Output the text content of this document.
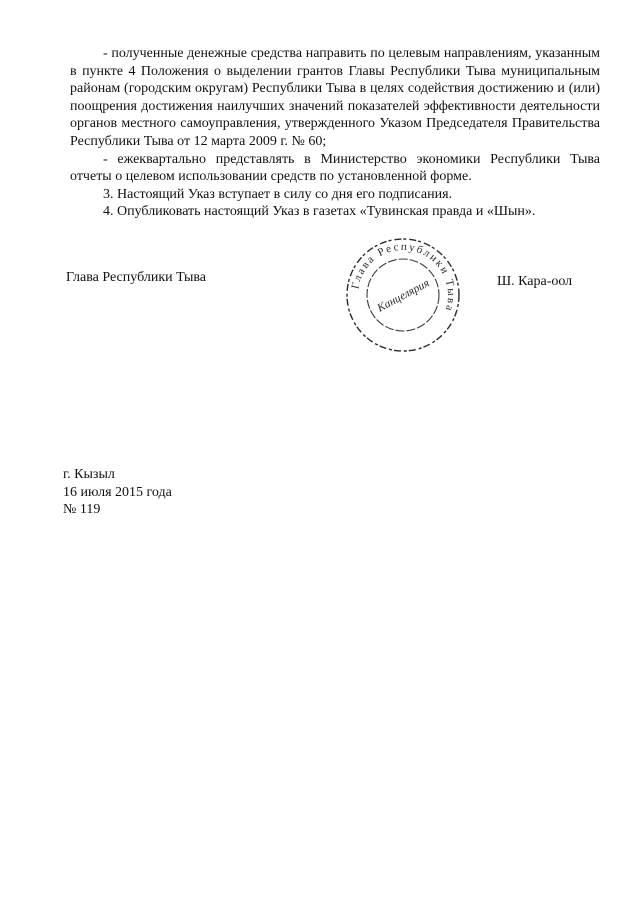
- полученные денежные средства направить по целевым направлениям, указанным в пункте 4 Положения о выделении грантов Главы Республики Тыва муниципальным районам (городским округам) Республики Тыва в целях содействия достижению и (или) поощрения достижения наилучших значений показателей эффективности деятельности органов местного самоуправления, утвержденного Указом Председателя Правительства Республики Тыва от 12 марта 2009 г. № 60;

- ежеквартально представлять в Министерство экономики Республики Тыва отчеты о целевом использовании средств по установленной форме.

3. Настоящий Указ вступает в силу со дня его подписания.

4. Опубликовать настоящий Указ в газетах «Тувинская правда и «Шын».

Глава Республики Тыва
Глава Республики Тыва
Канцелярия	Ш. Кара-оол
г. Кызыл
16 июля 2015 года
№ 119
